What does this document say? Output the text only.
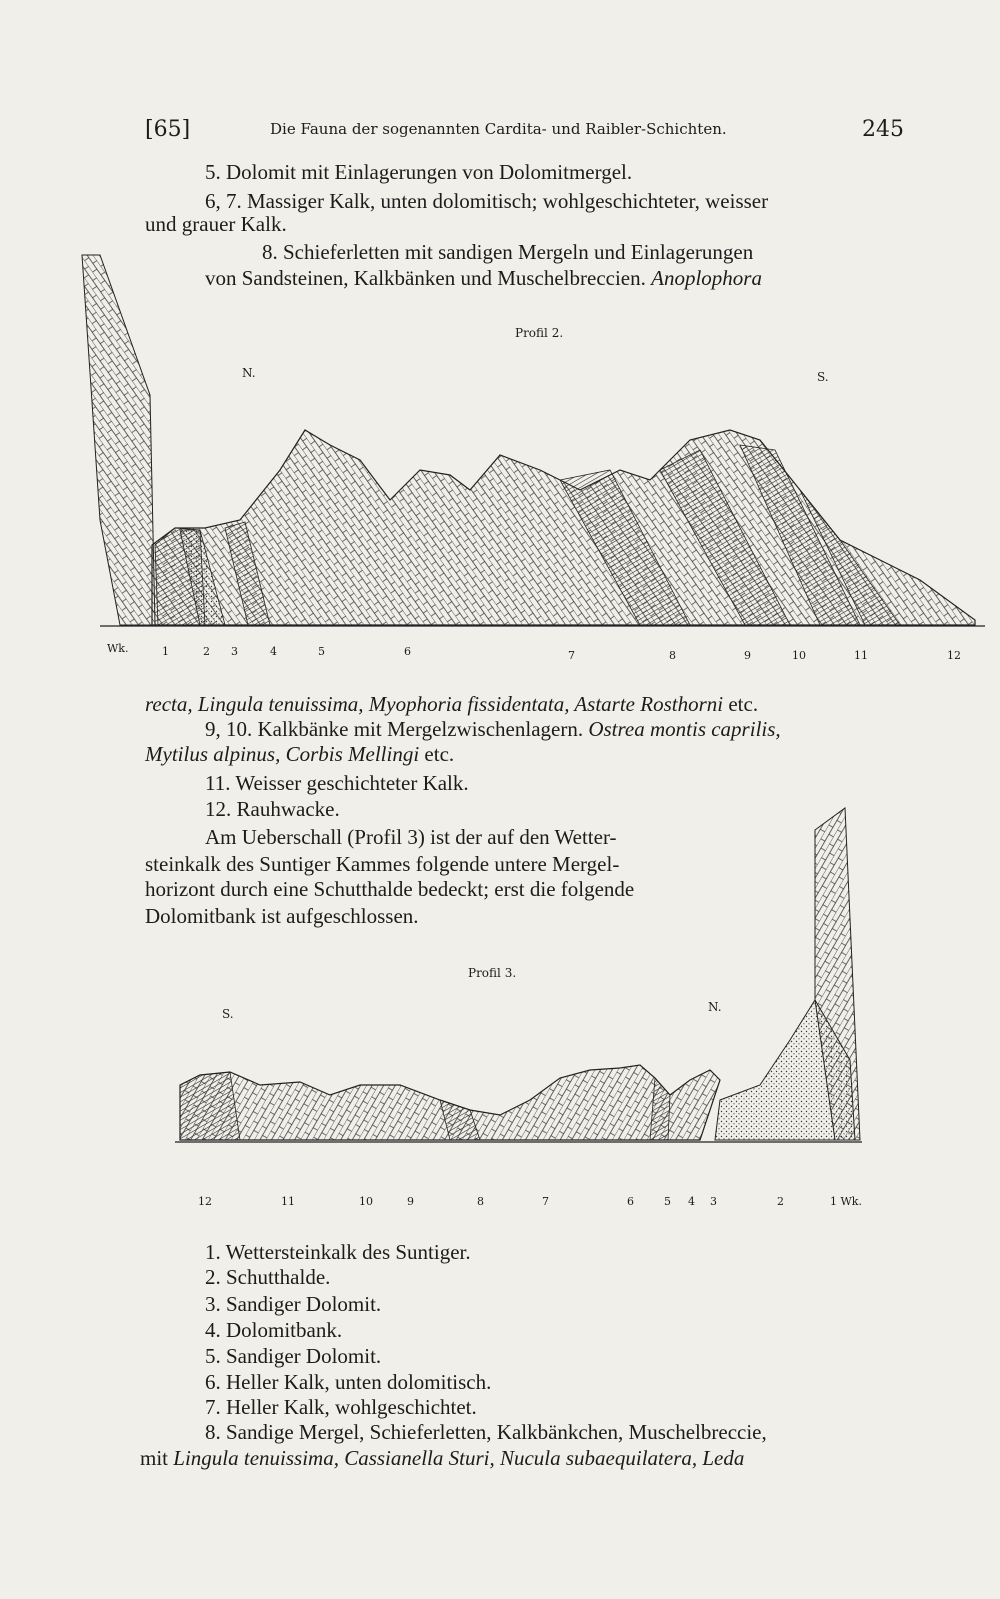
[65]	Die Fauna der sogenannten Cardita- und Raibler-Schichten.	245
5. Dolomit mit Einlagerungen von Dolomitmergel.
6, 7. Massiger Kalk, unten dolomitisch; wohlgeschichteter, weisser
und grauer Kalk.
8. Schieferletten mit sandigen Mergeln und Einlagerungen
von Sandsteinen, Kalkbänken und Muschelbreccien. Anoplophora
Profil 2.
N.	S.
Wk.	1	2 3	4	5	6	7	8	9	10	11	12
recta, Lingula tenuissima, Myophoria fissidentata, Astarte Rosthorni etc.
9, 10. Kalkbänke mit Mergelzwischenlagern. Ostrea montis caprilis,
Mytilus alpinus, Corbis Mellingi etc.
11. Weisser geschichteter Kalk.
12. Rauhwacke.
Am Ueberschall (Profil 3) ist der auf den Wetter-
steinkalk des Suntiger Kammes folgende untere Mergel-
horizont durch eine Schutthalde bedeckt; erst die folgende
Dolomitbank ist aufgeschlossen.
Profil 3.
S.	N.
12	11	10	9	8	7	6	5 4 3	2	1 Wk.
1. Wettersteinkalk des Suntiger.
2. Schutthalde.
3. Sandiger Dolomit.
4. Dolomitbank.
5. Sandiger Dolomit.
6. Heller Kalk, unten dolomitisch.
7. Heller Kalk, wohlgeschichtet.
8. Sandige Mergel, Schieferletten, Kalkbänkchen, Muschelbreccie,
mit Lingula tenuissima, Cassianella Sturi, Nucula subaequilatera, Leda
